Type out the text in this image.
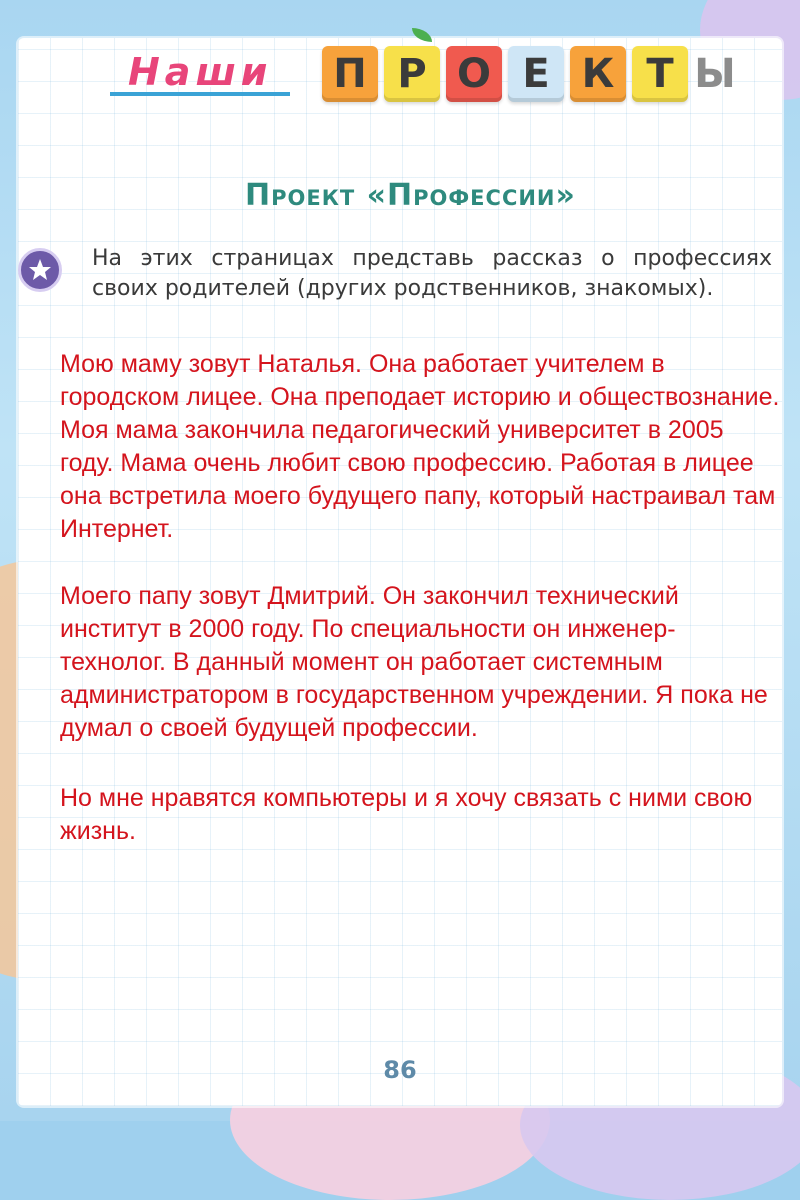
Наши П Р О Е К Т Ы
Проект «Профессии»
На этих страницах представь рассказ о профессиях своих родителей (других родственников, знакомых).
Мою маму зовут Наталья. Она работает учителем в городском лицее. Она преподает историю и обществознание. Моя мама закончила педагогический университет в 2005 году. Мама очень любит свою профессию. Работая в лицее она встретила моего будущего папу, который настраивал там Интернет.
Моего папу зовут Дмитрий. Он закончил технический институт в 2000 году. По специальности он инженер-технолог. В данный момент он работает системным администратором в государственном учреждении. Я пока не думал о своей будущей профессии.
Но мне нравятся компьютеры и я хочу связать с ними свою жизнь.
86
